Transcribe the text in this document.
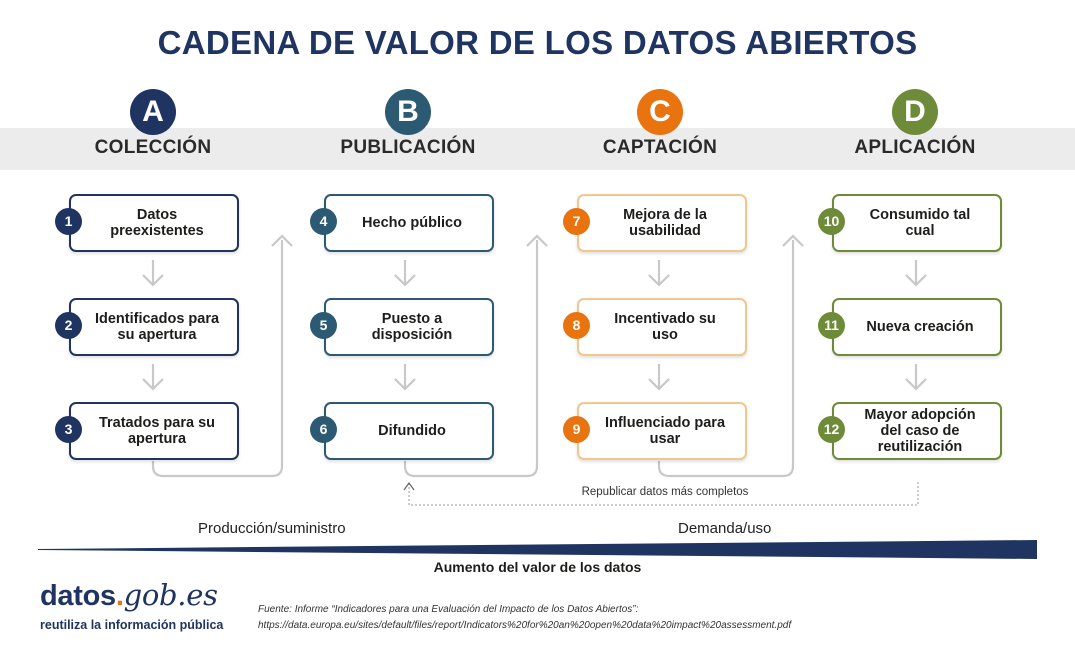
CADENA DE VALOR DE LOS DATOS ABIERTOS
Republicar datos más completos
A	B	C	D
COLECCIÓN	PUBLICACIÓN	CAPTACIÓN	APLICACIÓN
Datos preexistentes
Identificados para su apertura
Tratados para su apertura
1
2
3
Hecho público
Puesto a disposición
Difundido
4
5
6
Mejora de la usabilidad
Incentivado su uso
Influenciado para usar
7
8
9
Consumido tal cual
Nueva creación
Mayor adopción del caso de reutilización
10
11
12
Producción/suministro	Demanda/uso
Aumento del valor de los datos
datos.gob.es
reutiliza la información pública
Fuente: Informe “Indicadores para una Evaluación del Impacto de los Datos Abiertos”:
https://data.europa.eu/sites/default/files/report/Indicators%20for%20an%20open%20data%20impact%20assessment.pdf
